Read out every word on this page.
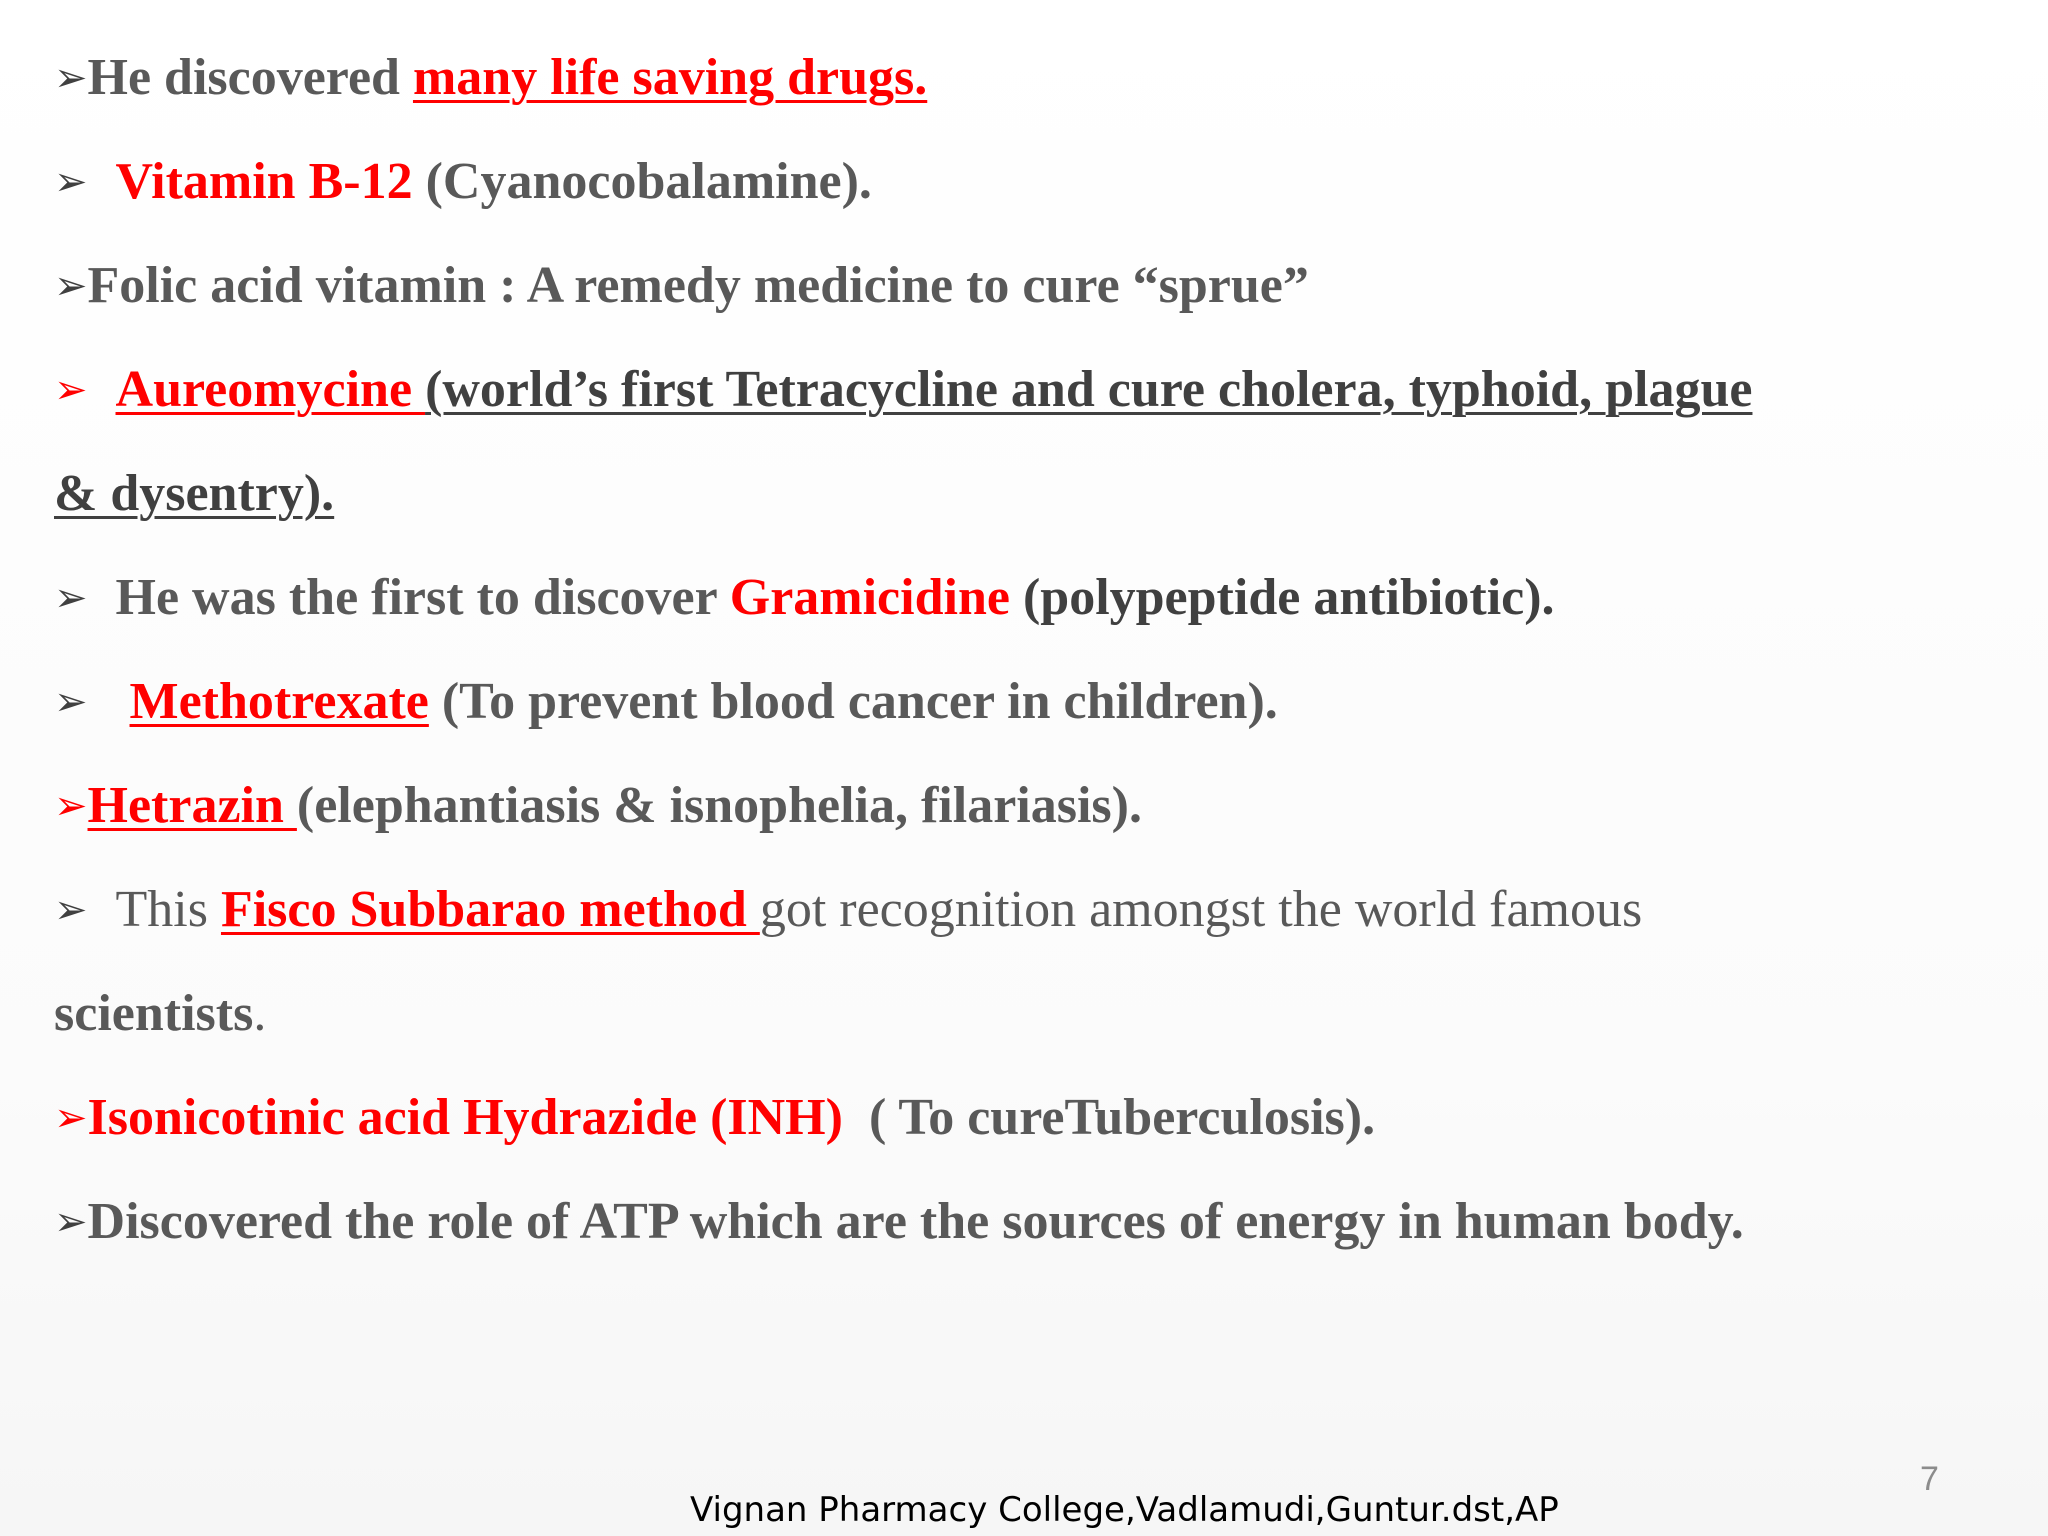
➢He discovered many life saving drugs.
➢ Vitamin B-12 (Cyanocobalamine).
➢Folic acid vitamin : A remedy medicine to cure “sprue”
➢ Aureomycine (world’s first Tetracycline and cure cholera, typhoid, plague
& dysentry).
➢ He was the first to discover Gramicidine (polypeptide antibiotic).
➢ Methotrexate (To prevent blood cancer in children).
➢Hetrazin (elephantiasis & isnophelia, filariasis).
➢ This Fisco Subbarao method got recognition amongst the world famous
scientists.
➢Isonicotinic acid Hydrazide (INH)  ( To cureTuberculosis).
➢Discovered the role of ATP which are the sources of energy in human body.
7
Vignan Pharmacy College,Vadlamudi,Guntur.dst,AP
